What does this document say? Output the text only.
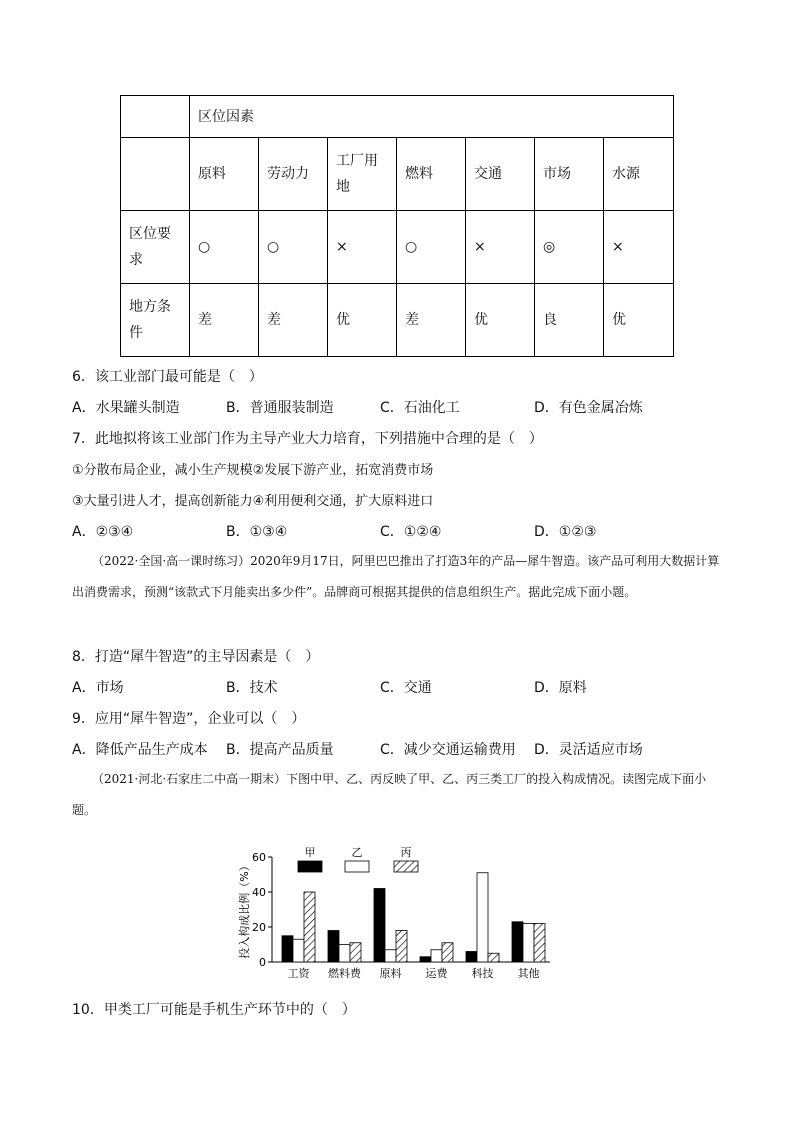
	区位因素						
	原料	劳动力	工厂用地	燃料	交通	市场	水源
区位要求	○	○	×	○	×	◎	×
地方条件	差	差	优	差	优	良	优
6．该工业部门最可能是（　）
A．水果罐头制造	B．普通服装制造	C．石油化工	D．有色金属冶炼
7．此地拟将该工业部门作为主导产业大力培育，下列措施中合理的是（　）
①分散布局企业，减小生产规模②发展下游产业，拓宽消费市场
③大量引进人才，提高创新能力④利用便利交通，扩大原料进口
A．②③④	B．①③④	C．①②④	D．①②③
（2022·全国·高一课时练习）2020年9月17日，阿里巴巴推出了打造3年的产品—犀牛智造。该产品可利用大数据计算出消费需求，预测“该款式下月能卖出多少件”。品牌商可根据其提供的信息组织生产。据此完成下面小题。
8．打造“犀牛智造”的主导因素是（　）
A．市场	B．技术	C．交通	D．原料
9．应用“犀牛智造”，企业可以（　）
A．降低产品生产成本 B．提高产品质量	C．减少交通运输费用 D．灵活适应市场
（2021·河北·石家庄二中高一期末）下图中甲、乙、丙反映了甲、乙、丙三类工厂的投入构成情况。读图完成下面小题。
0
20
40
60
投入构成比例（%）
工资 燃料费 原料 运费 科技 其他
甲	乙	丙
10．甲类工厂可能是手机生产环节中的（　）
